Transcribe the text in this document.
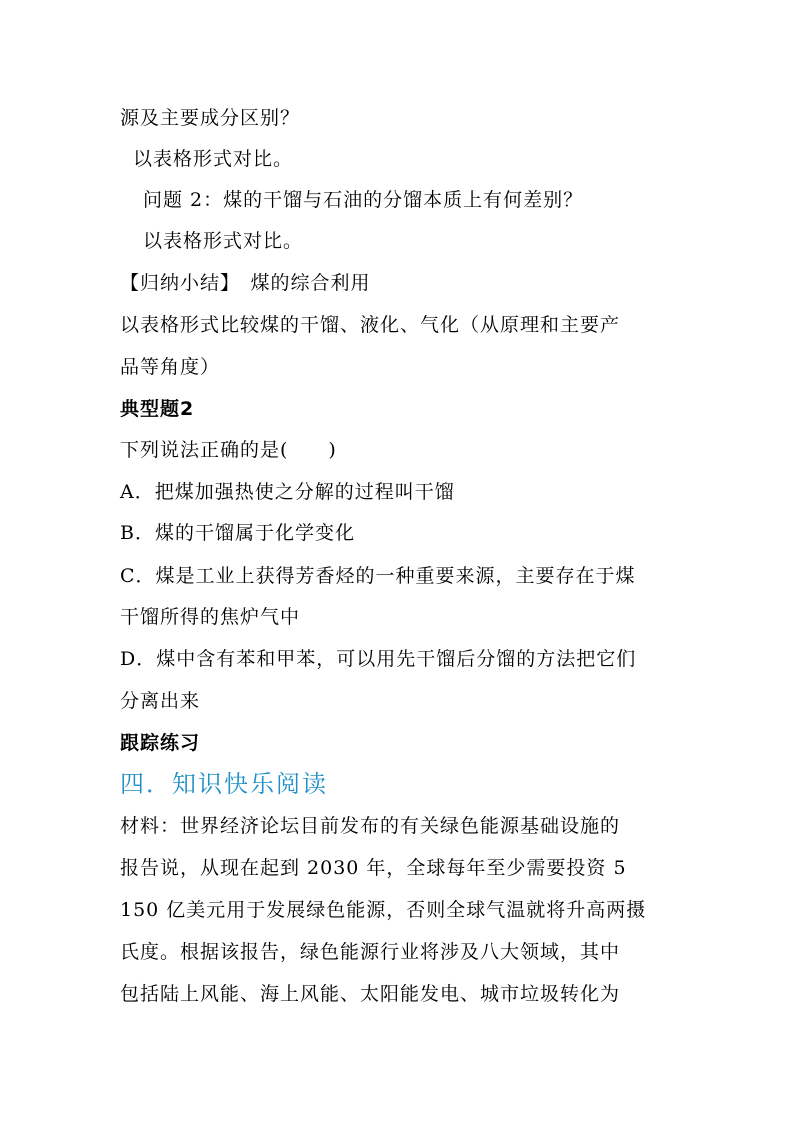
源及主要成分区别？
以表格形式对比。
问题 2：煤的干馏与石油的分馏本质上有何差别？
以表格形式对比。
【归纳小结】　煤的综合利用
以表格形式比较煤的干馏、液化、气化（从原理和主要产
品等角度）
典型题2
下列说法正确的是(　　)
A．把煤加强热使之分解的过程叫干馏
B．煤的干馏属于化学变化
C．煤是工业上获得芳香烃的一种重要来源，主要存在于煤
干馏所得的焦炉气中
D．煤中含有苯和甲苯，可以用先干馏后分馏的方法把它们
分离出来
跟踪练习
四．知识快乐阅读
材料：世界经济论坛目前发布的有关绿色能源基础设施的
报告说，从现在起到 2030 年，全球每年至少需要投资 5
150 亿美元用于发展绿色能源，否则全球气温就将升高两摄
氏度。根据该报告，绿色能源行业将涉及八大领域，其中
包括陆上风能、海上风能、太阳能发电、城市垃圾转化为
